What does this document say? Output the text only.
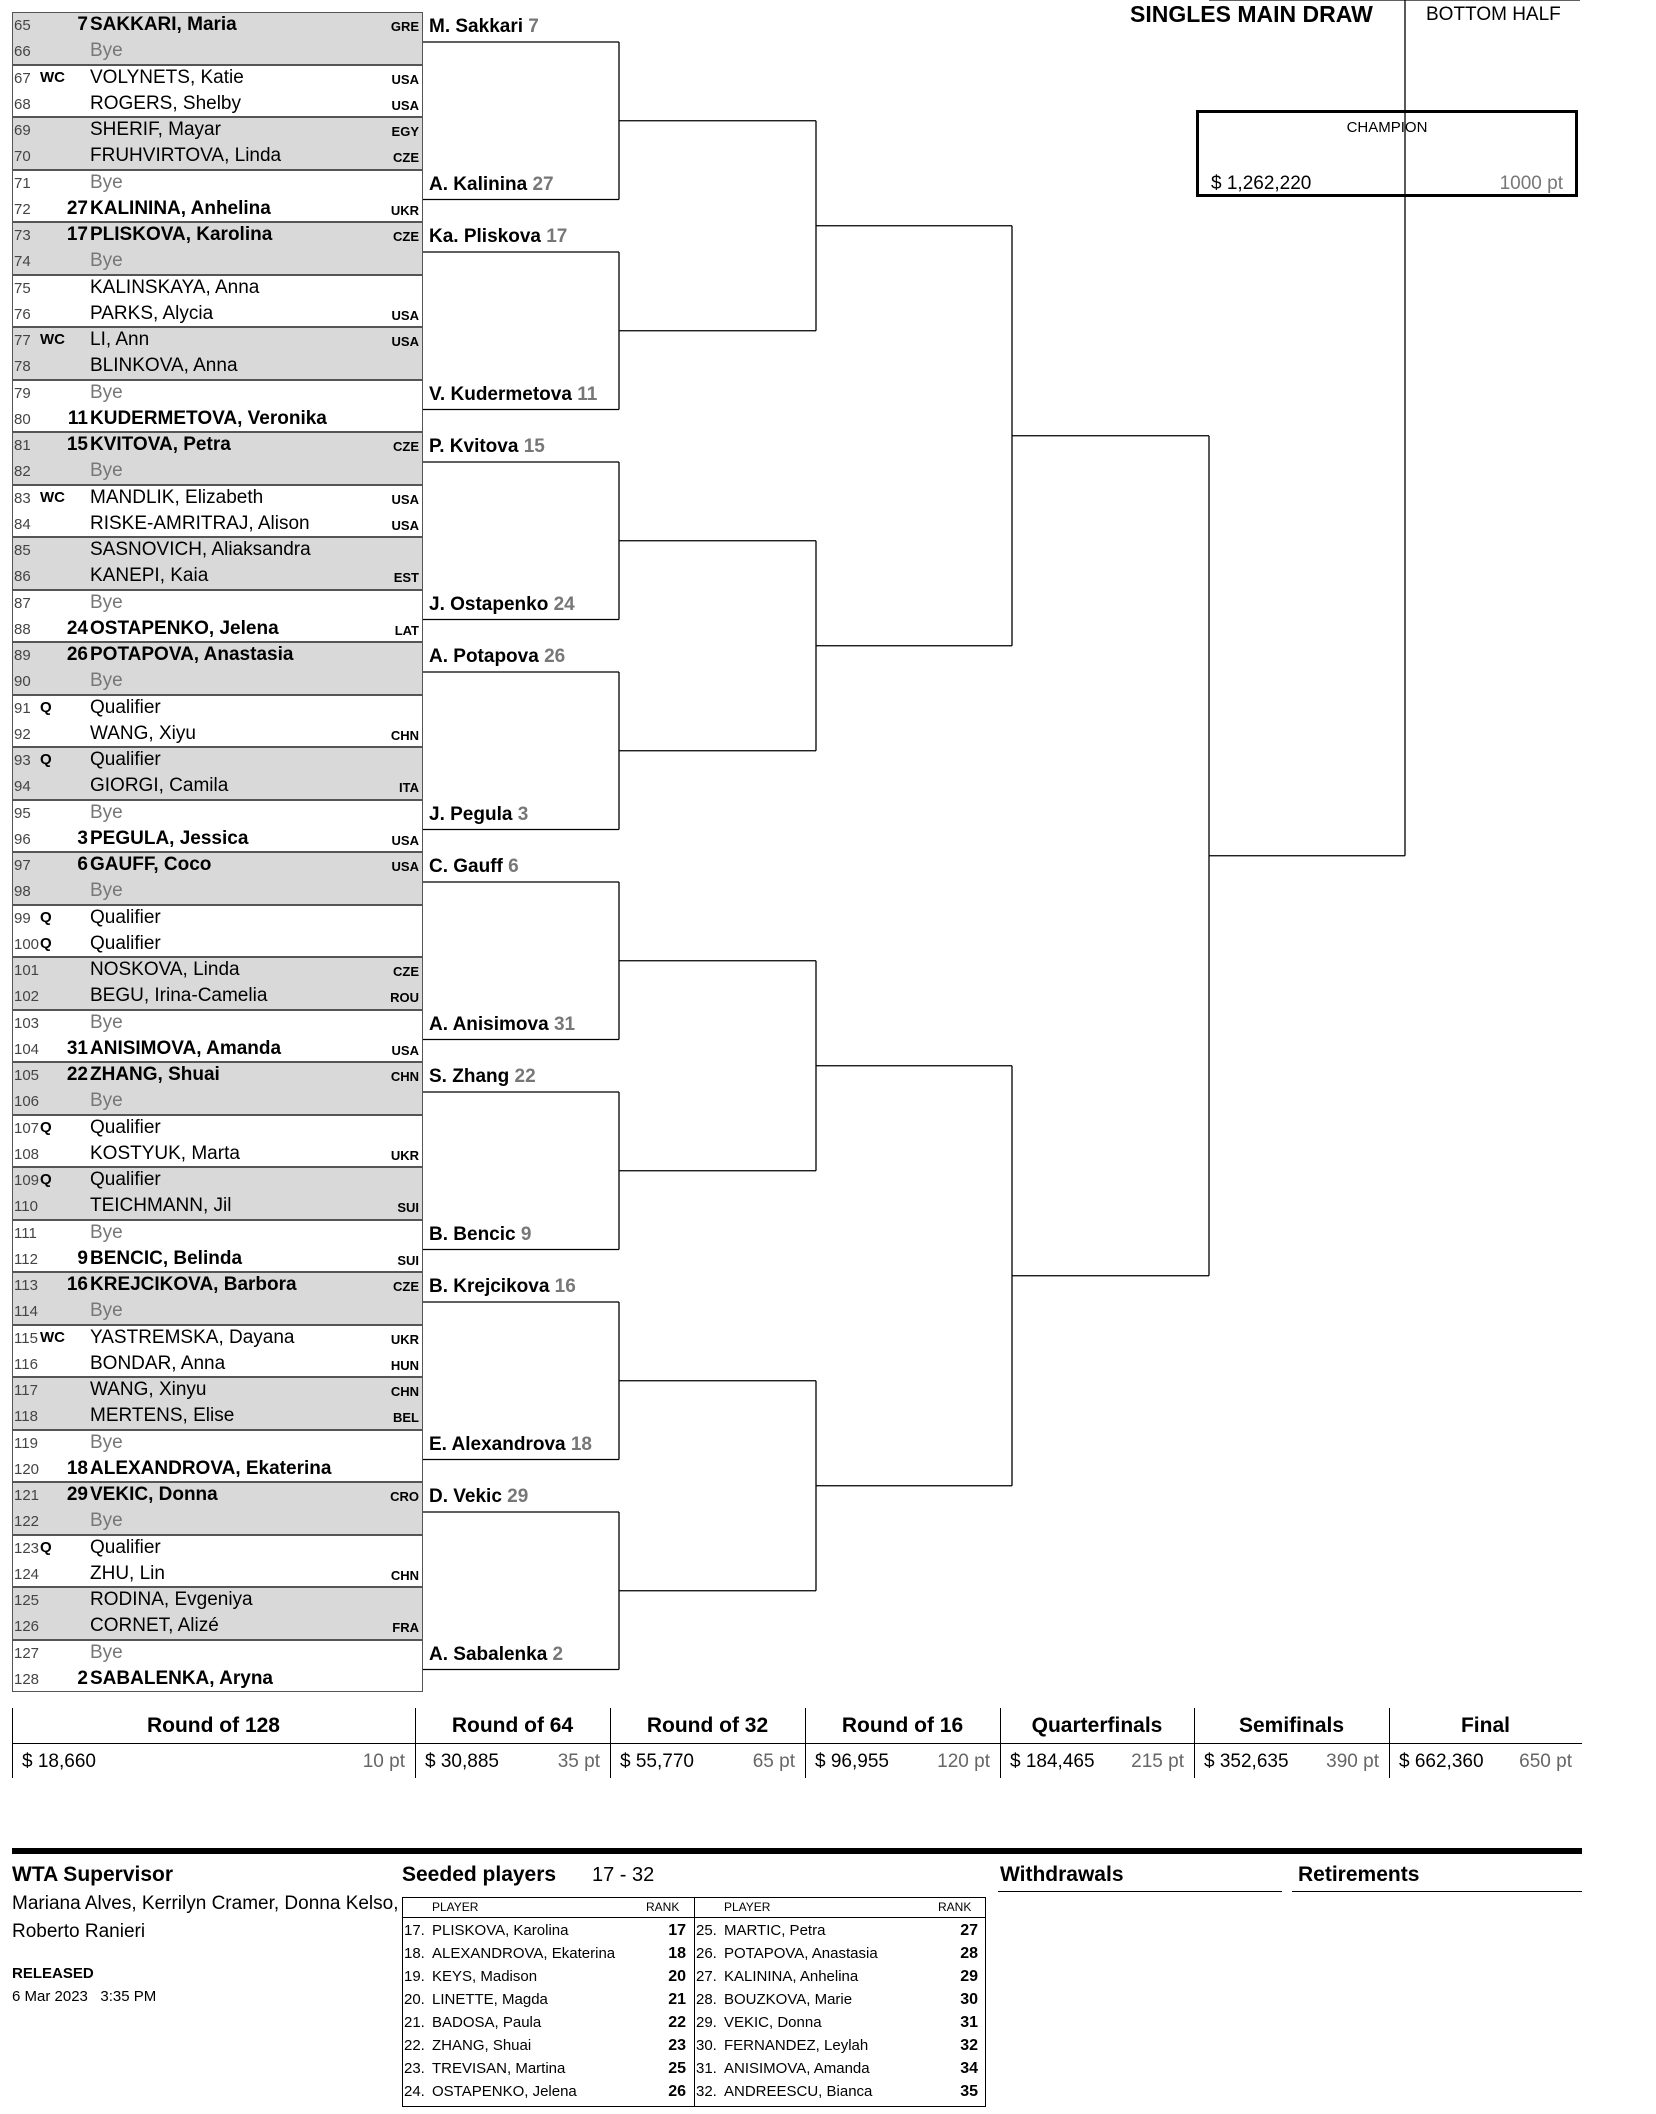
SINGLES MAIN DRAW	BOTTOM HALF
CHAMPION
$ 1,262,220	1000 pt
65	7 SAKKARI, Maria	GRE
66	Bye
67 WC VOLYNETS, Katie	USA
68	ROGERS, Shelby	USA
69	SHERIF, Mayar	EGY
70	FRUHVIRTOVA, Linda	CZE
71	Bye
72	27 KALININA, Anhelina	UKR
73	17 PLISKOVA, Karolina	CZE
74	Bye
75	KALINSKAYA, Anna
76	PARKS, Alycia	USA
77 WC LI, Ann	USA
78	BLINKOVA, Anna
79	Bye
80	11 KUDERMETOVA, Veronika
81	15 KVITOVA, Petra	CZE
82	Bye
83 WC MANDLIK, Elizabeth	USA
84	RISKE-AMRITRAJ, Alison	USA
85	SASNOVICH, Aliaksandra
86	KANEPI, Kaia	EST
87	Bye
88	24 OSTAPENKO, Jelena	LAT
89	26 POTAPOVA, Anastasia
90	Bye
91 Q Qualifier
92	WANG, Xiyu	CHN
93 Q Qualifier
94	GIORGI, Camila	ITA
95	Bye
96	3 PEGULA, Jessica	USA
97	6 GAUFF, Coco	USA
98	Bye
99 Q Qualifier
100 Q Qualifier
101	NOSKOVA, Linda	CZE
102	BEGU, Irina-Camelia	ROU
103	Bye
104	31 ANISIMOVA, Amanda	USA
105	22 ZHANG, Shuai	CHN
106	Bye
107 Q Qualifier
108	KOSTYUK, Marta	UKR
109 Q Qualifier
110	TEICHMANN, Jil	SUI
111	Bye
112	9 BENCIC, Belinda	SUI
113	16 KREJCIKOVA, Barbora	CZE
114	Bye
115 WC YASTREMSKA, Dayana	UKR
116	BONDAR, Anna	HUN
117	WANG, Xinyu	CHN
118	MERTENS, Elise	BEL
119	Bye
120	18 ALEXANDROVA, Ekaterina
121	29 VEKIC, Donna	CRO
122	Bye
123 Q Qualifier
124	ZHU, Lin	CHN
125	RODINA, Evgeniya
126	CORNET, Alizé	FRA
127	Bye
128	2 SABALENKA, Aryna
M. Sakkari 7
A. Kalinina 27
Ka. Pliskova 17
V. Kudermetova 11
P. Kvitova 15
J. Ostapenko 24
A. Potapova 26
J. Pegula 3
C. Gauff 6
A. Anisimova 31
S. Zhang 22
B. Bencic 9
B. Krejcikova 16
E. Alexandrova 18
D. Vekic 29
A. Sabalenka 2
Round of 128
$ 18,660	10 pt
Round of 64
$ 30,885	35 pt
Round of 32
$ 55,770	65 pt
Round of 16
$ 96,955	120 pt
Quarterfinals
$ 184,465	215 pt
Semifinals
$ 352,635	390 pt
Final
$ 662,360	650 pt
WTA Supervisor
Mariana Alves, Kerrilyn Cramer, Donna Kelso,
Roberto Ranieri
RELEASED
6 Mar 2023   3:35 PM
Seeded players 17 - 32
PLAYER	RANK
17. PLISKOVA, Karolina	17
18. ALEXANDROVA, Ekaterina	18
19. KEYS, Madison	20
20. LINETTE, Magda	21
21. BADOSA, Paula	22
22. ZHANG, Shuai	23
23. TREVISAN, Martina	25
24. OSTAPENKO, Jelena	26
PLAYER	RANK
25. MARTIC, Petra	27
26. POTAPOVA, Anastasia	28
27. KALININA, Anhelina	29
28. BOUZKOVA, Marie	30
29. VEKIC, Donna	31
30. FERNANDEZ, Leylah	32
31. ANISIMOVA, Amanda	34
32. ANDREESCU, Bianca	35
Withdrawals	Retirements
